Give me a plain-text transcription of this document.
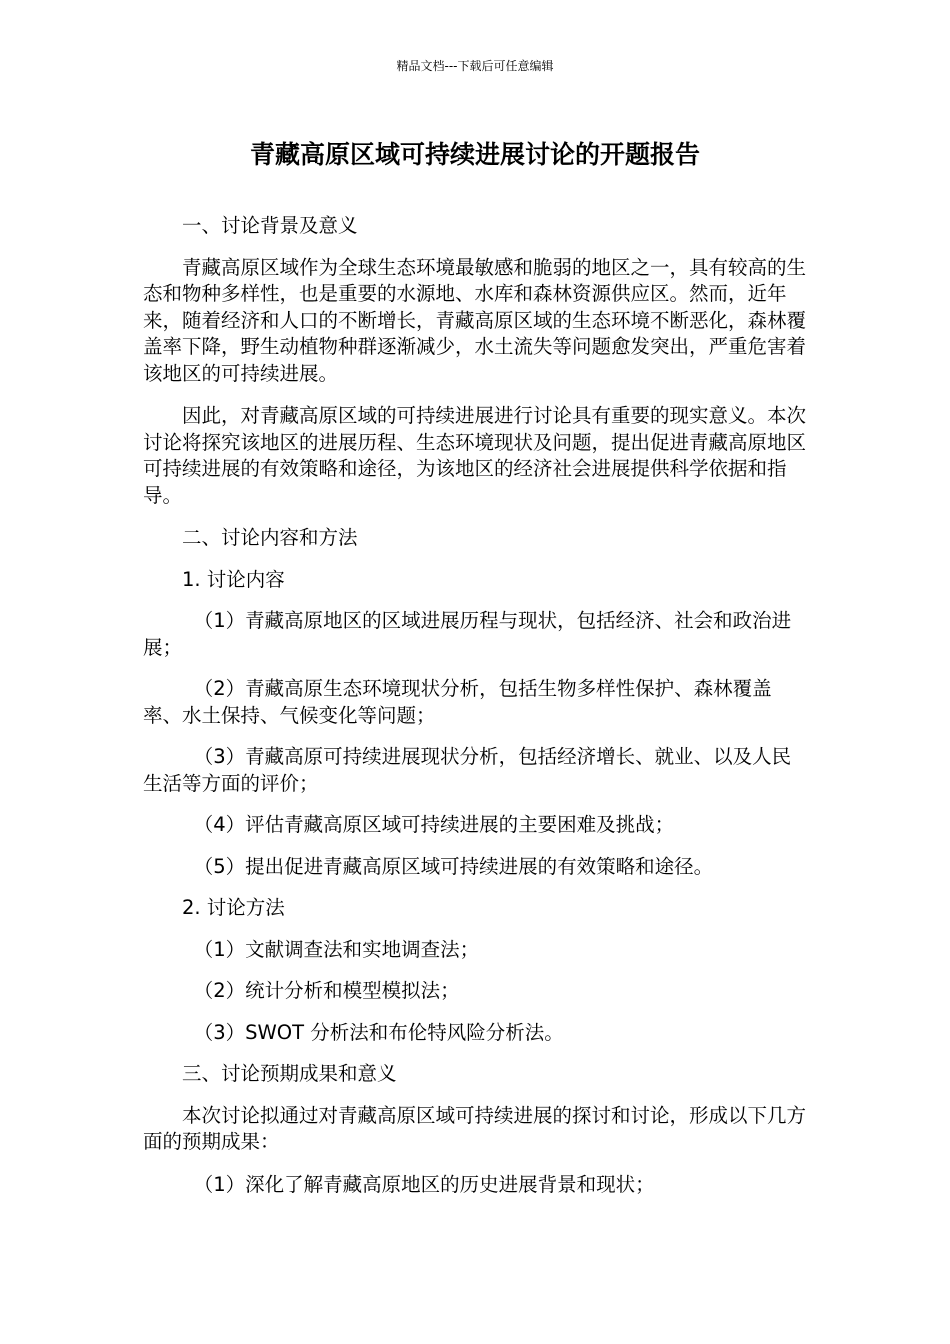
精品文档---下载后可任意编辑
青藏高原区域可持续进展讨论的开题报告

一、讨论背景及意义

青藏高原区域作为全球生态环境最敏感和脆弱的地区之一，具有较高的生态和物种多样性，也是重要的水源地、水库和森林资源供应区。然而，近年来，随着经济和人口的不断增长，青藏高原区域的生态环境不断恶化，森林覆盖率下降，野生动植物种群逐渐减少，水土流失等问题愈发突出，严重危害着该地区的可持续进展。

因此，对青藏高原区域的可持续进展进行讨论具有重要的现实意义。本次讨论将探究该地区的进展历程、生态环境现状及问题，提出促进青藏高原地区可持续进展的有效策略和途径，为该地区的经济社会进展提供科学依据和指导。

二、讨论内容和方法

1. 讨论内容

（1）青藏高原地区的区域进展历程与现状，包括经济、社会和政治进展；

（2）青藏高原生态环境现状分析，包括生物多样性保护、森林覆盖率、水土保持、气候变化等问题；

（3）青藏高原可持续进展现状分析，包括经济增长、就业、以及人民生活等方面的评价；

（4）评估青藏高原区域可持续进展的主要困难及挑战；

（5）提出促进青藏高原区域可持续进展的有效策略和途径。

2. 讨论方法

（1）文献调查法和实地调查法；

（2）统计分析和模型模拟法；

（3）SWOT 分析法和布伦特风险分析法。

三、讨论预期成果和意义

本次讨论拟通过对青藏高原区域可持续进展的探讨和讨论，形成以下几方面的预期成果：

（1）深化了解青藏高原地区的历史进展背景和现状；
